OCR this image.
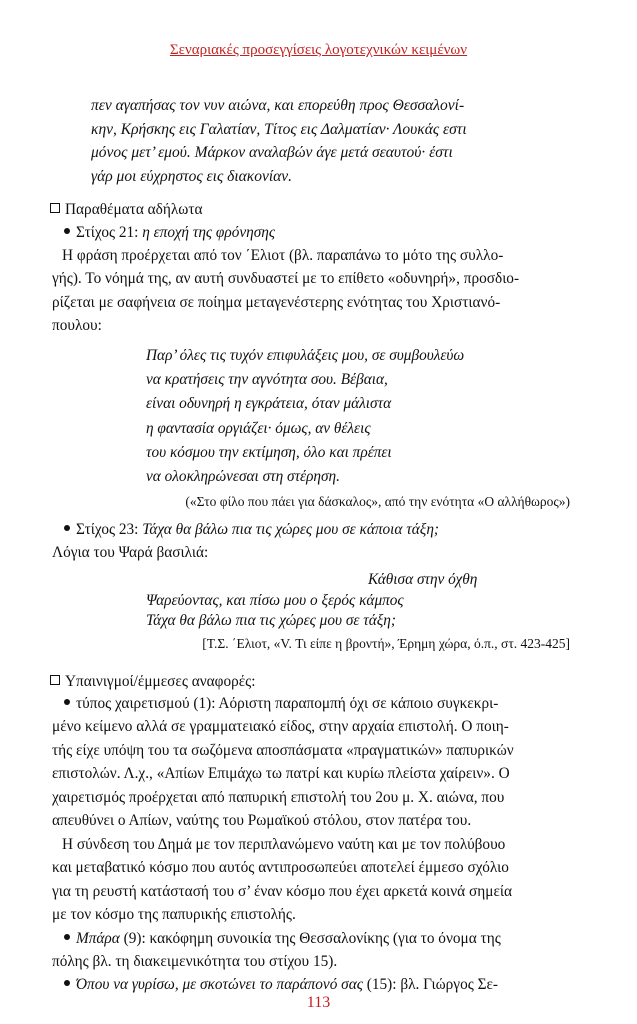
Σεναριακές προσεγγίσεις λογοτεχνικών κειμένων
πεν αγαπήσας τον νυν αιώνα, και επορεύθη προς Θεσσαλονί-
κην, Κρήσκης εις Γαλατίαν, Τίτος εις Δαλματίαν· Λουκάς εστι
μόνος μετ’ εμού. Μάρκον αναλαβών άγε μετά σεαυτού· έστι
γάρ μοι εύχρηστος εις διακονίαν.
Παραθέματα αδήλωτα
Στίχος 21: η εποχή της φρόνησης
Η φράση προέρχεται από τον ΄Ελιοτ (βλ. παραπάνω το μότο της συλλο-
γής). Το νόημά της, αν αυτή συνδυαστεί με το επίθετο «οδυνηρή», προσδιο-
ρίζεται με σαφήνεια σε ποίημα μεταγενέστερης ενότητας του Χριστιανό-
πουλου:
Παρ’ όλες τις τυχόν επιφυλάξεις μου, σε συμβουλεύω
να κρατήσεις την αγνότητα σου. Βέβαια,
είναι οδυνηρή η εγκράτεια, όταν μάλιστα
η φαντασία οργιάζει· όμως, αν θέλεις
του κόσμου την εκτίμηση, όλο και πρέπει
να ολοκληρώνεσαι στη στέρηση.
(«Στο φίλο που πάει για δάσκαλος», από την ενότητα «Ο αλλήθωρος»)
Στίχος 23: Τάχα θα βάλω πια τις χώρες μου σε κάποια τάξη;
Λόγια του Ψαρά βασιλιά:
Κάθισα στην όχθη
Ψαρεύοντας, και πίσω μου ο ξερός κάμπος
Τάχα θα βάλω πια τις χώρες μου σε τάξη;
[Τ.Σ. ΄Ελιοτ, «V. Τι είπε η βροντή», Έρημη χώρα, ό.π., στ. 423-425]
Υπαινιγμοί/έμμεσες αναφορές:
τύπος χαιρετισμού (1): Αόριστη παραπομπή όχι σε κάποιο συγκεκρι-
μένο κείμενο αλλά σε γραμματειακό είδος, στην αρχαία επιστολή. Ο ποιη-
τής είχε υπόψη του τα σωζόμενα αποσπάσματα «πραγματικών» παπυρικών
επιστολών. Λ.χ., «Απίων Επιμάχω τω πατρί και κυρίω πλείστα χαίρειν». Ο
χαιρετισμός προέρχεται από παπυρική επιστολή του 2ου μ. Χ. αιώνα, που
απευθύνει ο Απίων, ναύτης του Ρωμαϊκού στόλου, στον πατέρα του.
Η σύνδεση του Δημά με τον περιπλανώμενο ναύτη και με τον πολύβουο
και μεταβατικό κόσμο που αυτός αντιπροσωπεύει αποτελεί έμμεσο σχόλιο
για τη ρευστή κατάστασή του σ’ έναν κόσμο που έχει αρκετά κοινά σημεία
με τον κόσμο της παπυρικής επιστολής.
Μπάρα (9): κακόφημη συνοικία της Θεσσαλονίκης (για το όνομα της
πόλης βλ. τη διακειμενικότητα του στίχου 15).
Όπου να γυρίσω, με σκοτώνει το παράπονό σας (15): βλ. Γιώργος Σε-
113
